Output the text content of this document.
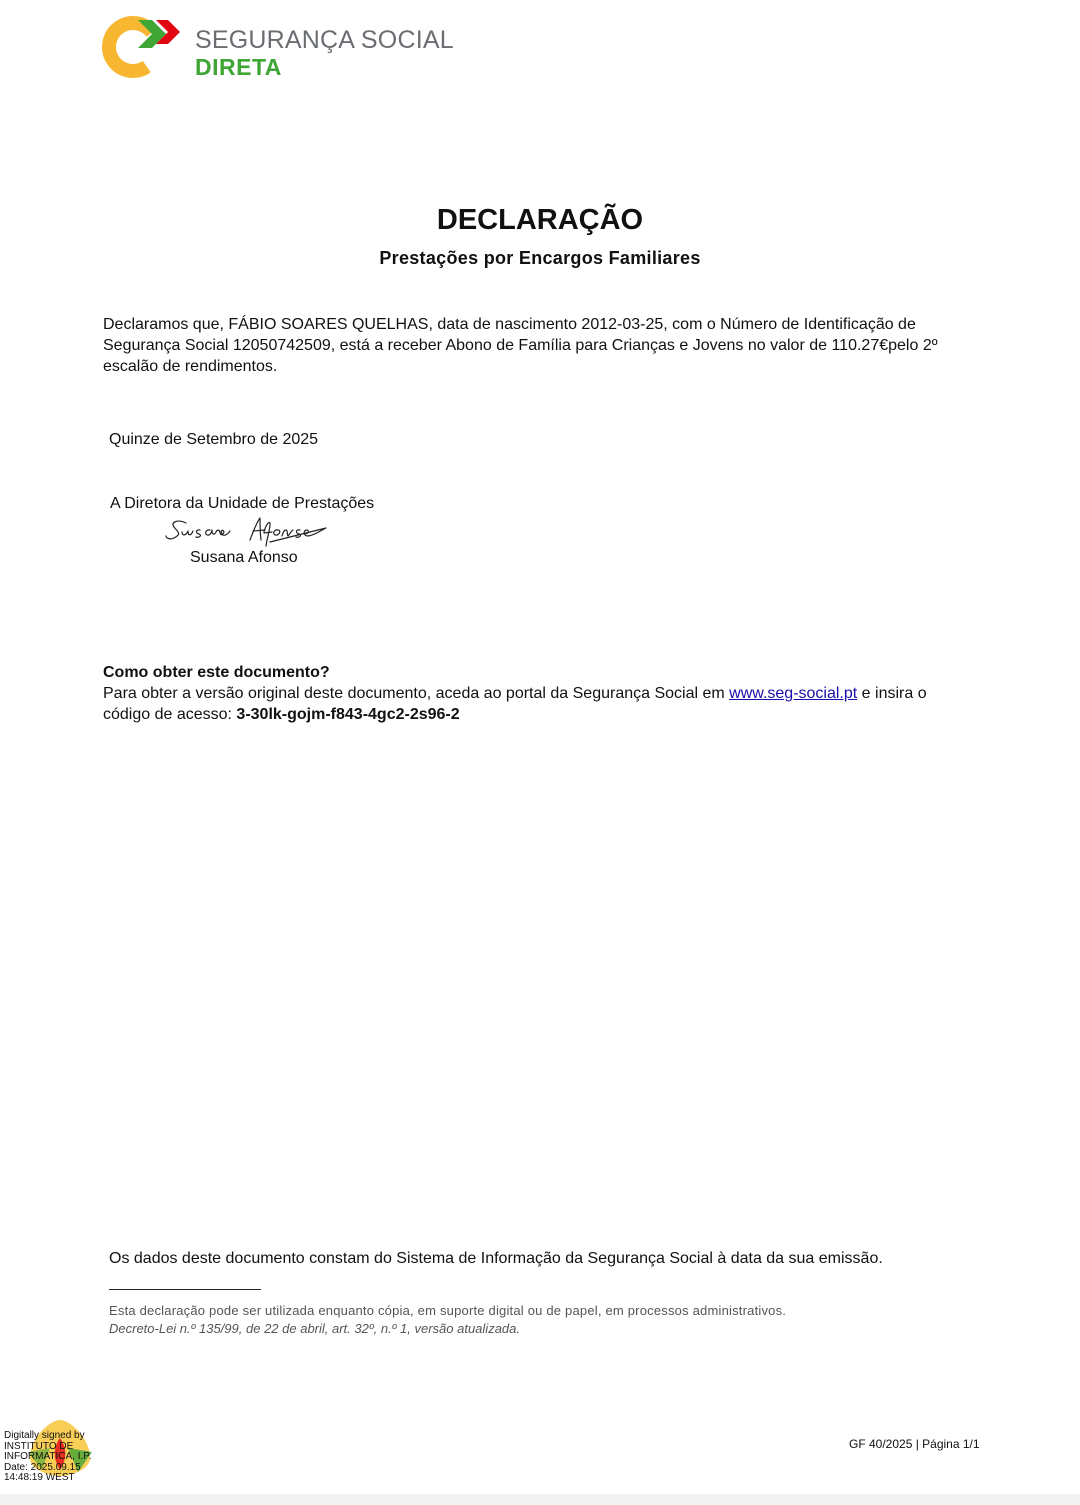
SEGURANÇA SOCIAL
DIRETA
DECLARAÇÃO
Prestações por Encargos Familiares
Declaramos que, FÁBIO SOARES QUELHAS, data de nascimento 2012-03-25, com o Número de Identificação de Segurança Social 12050742509, está a receber Abono de Família para Crianças e Jovens no valor de 110.27€pelo 2º escalão de rendimentos.
Quinze de Setembro de 2025
A Diretora da Unidade de Prestações
Susana Afonso
Como obter este documento?
Para obter a versão original deste documento, aceda ao portal da Segurança Social em www.seg-social.pt e insira o código de acesso: 3-30lk-gojm-f843-4gc2-2s96-2
Os dados deste documento constam do Sistema de Informação da Segurança Social à data da sua emissão.
Esta declaração pode ser utilizada enquanto cópia, em suporte digital ou de papel, em processos administrativos.
Decreto-Lei n.º 135/99, de 22 de abril, art. 32º, n.º 1, versão atualizada.
Digitally signed by
INSTITUTO DE
INFORMATICA, I.P.
Date: 2025.09.15
14:48:19 WEST
GF 40/2025 | Página 1/1
